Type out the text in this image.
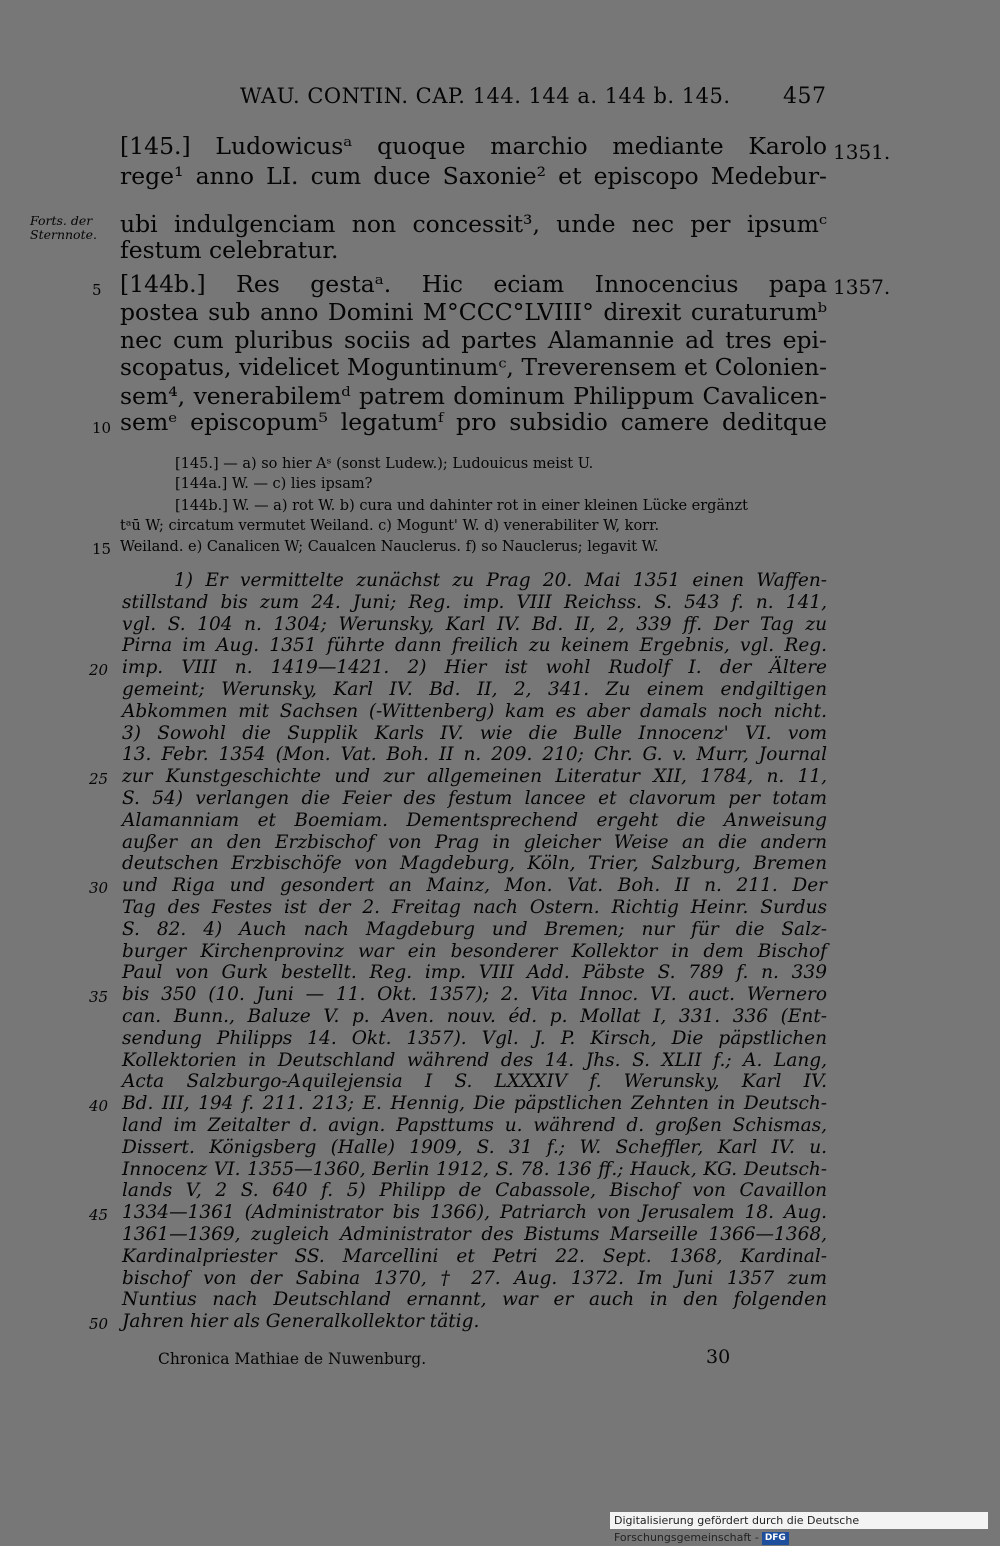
WAU. CONTIN. CAP. 144. 144 a. 144 b. 145. 457
1351.
1357.
Forts. der
Sternnote.
[145.] Ludowicusᵃ quoque marchio mediante Karolo
rege¹ anno LI. cum duce Saxonie² et episcopo Medebur-
ubi indulgenciam non concessit³, unde nec per ipsumᶜ
festum celebratur.
[144b.] Res gestaᵃ. Hic eciam Innocencius papa
5
postea sub anno Domini M°CCC°LVIII° direxit curaturumᵇ
nec cum pluribus sociis ad partes Alamannie ad tres epi-
scopatus, videlicet Moguntinumᶜ, Treverensem et Colonien-
sem⁴, venerabilemᵈ patrem dominum Philippum Cavalicen-
semᵉ episcopum⁵ legatumᶠ pro subsidio camere deditque
10
[145.] — a) so hier Aˢ (sonst Ludew.); Ludouicus meist U.
[144a.] W. — c) lies ipsam?
[144b.] W. — a) rot W. b) cura und dahinter rot in einer kleinen Lücke ergänzt
tᵃū W; circatum vermutet Weiland. c) Mogunt' W. d) venerabiliter W, korr.
Weiland. e) Canalicen W; Caualcen Nauclerus. f) so Nauclerus; legavit W.
15
1) Er vermittelte zunächst zu Prag 20. Mai 1351 einen Waffen-
stillstand bis zum 24. Juni; Reg. imp. VIII Reichss. S. 543 f. n. 141,
vgl. S. 104 n. 1304; Werunsky, Karl IV. Bd. II, 2, 339 ff. Der Tag zu
Pirna im Aug. 1351 führte dann freilich zu keinem Ergebnis, vgl. Reg.
imp. VIII n. 1419—1421. 2) Hier ist wohl Rudolf I. der Ältere
20
gemeint; Werunsky, Karl IV. Bd. II, 2, 341. Zu einem endgiltigen
Abkommen mit Sachsen (-Wittenberg) kam es aber damals noch nicht.
3) Sowohl die Supplik Karls IV. wie die Bulle Innocenz' VI. vom
13. Febr. 1354 (Mon. Vat. Boh. II n. 209. 210; Chr. G. v. Murr, Journal
zur Kunstgeschichte und zur allgemeinen Literatur XII, 1784, n. 11,
25
S. 54) verlangen die Feier des festum lancee et clavorum per totam
Alamanniam et Boemiam. Dementsprechend ergeht die Anweisung
außer an den Erzbischof von Prag in gleicher Weise an die andern
deutschen Erzbischöfe von Magdeburg, Köln, Trier, Salzburg, Bremen
und Riga und gesondert an Mainz, Mon. Vat. Boh. II n. 211. Der
30
Tag des Festes ist der 2. Freitag nach Ostern. Richtig Heinr. Surdus
S. 82. 4) Auch nach Magdeburg und Bremen; nur für die Salz-
burger Kirchenprovinz war ein besonderer Kollektor in dem Bischof
Paul von Gurk bestellt. Reg. imp. VIII Add. Päbste S. 789 f. n. 339
bis 350 (10. Juni — 11. Okt. 1357); 2. Vita Innoc. VI. auct. Wernero
35
can. Bunn., Baluze V. p. Aven. nouv. éd. p. Mollat I, 331. 336 (Ent-
sendung Philipps 14. Okt. 1357). Vgl. J. P. Kirsch, Die päpstlichen
Kollektorien in Deutschland während des 14. Jhs. S. XLII f.; A. Lang,
Acta Salzburgo-Aquilejensia I S. LXXXIV f. Werunsky, Karl IV.
Bd. III, 194 f. 211. 213; E. Hennig, Die päpstlichen Zehnten in Deutsch-
40
land im Zeitalter d. avign. Papsttums u. während d. großen Schismas,
Dissert. Königsberg (Halle) 1909, S. 31 f.; W. Scheffler, Karl IV. u.
Innocenz VI. 1355—1360, Berlin 1912, S. 78. 136 ff.; Hauck, KG. Deutsch-
lands V, 2 S. 640 f. 5) Philipp de Cabassole, Bischof von Cavaillon
1334—1361 (Administrator bis 1366), Patriarch von Jerusalem 18. Aug.
45
1361—1369, zugleich Administrator des Bistums Marseille 1366—1368,
Kardinalpriester SS. Marcellini et Petri 22. Sept. 1368, Kardinal-
bischof von der Sabina 1370, † 27. Aug. 1372. Im Juni 1357 zum
Nuntius nach Deutschland ernannt, war er auch in den folgenden
Jahren hier als Generalkollektor tätig.
50
Chronica Mathiae de Nuwenburg.	30
Digitalisierung gefördert durch die Deutsche Forschungsgemeinschaft - DFG
